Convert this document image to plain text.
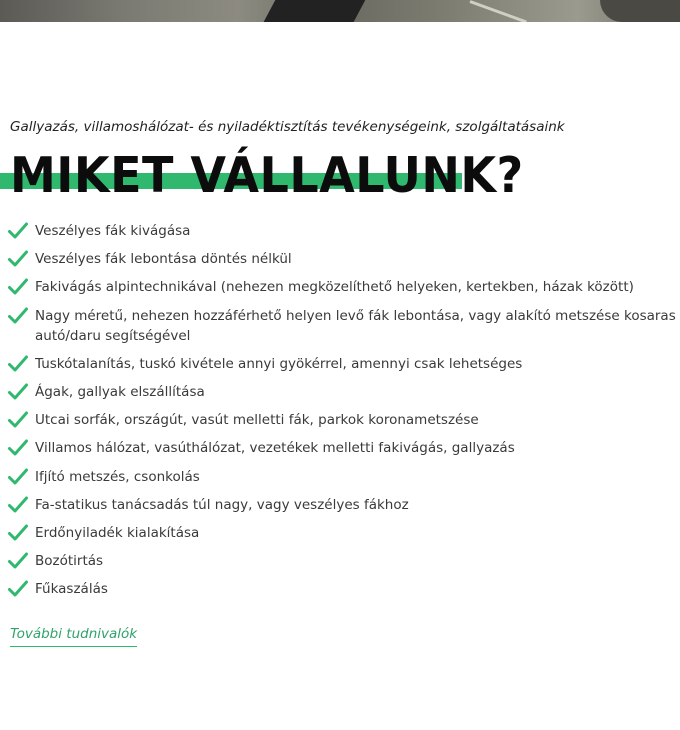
Gallyazás, villamoshálózat- és nyiladéktisztítás tevékenységeink, szolgáltatásaink
MIKET VÁLLALUNK?
Veszélyes fák kivágása
Veszélyes fák lebontása döntés nélkül
Fakivágás alpintechnikával (nehezen megközelíthető helyeken, kertekben, házak között)
Nagy méretű, nehezen hozzáférhető helyen levő fák lebontása, vagy alakító metszése kosaras autó/daru segítségével
Tuskótalanítás, tuskó kivétele annyi gyökérrel, amennyi csak lehetséges
Ágak, gallyak elszállítása
Utcai sorfák, országút, vasút melletti fák, parkok koronametszése
Villamos hálózat, vasúthálózat, vezetékek melletti fakivágás, gallyazás
Ifjító metszés, csonkolás
Fa-statikus tanácsadás túl nagy, vagy veszélyes fákhoz
Erdőnyiladék kialakítása
Bozótirtás
Fűkaszálás
További tudnivalók
